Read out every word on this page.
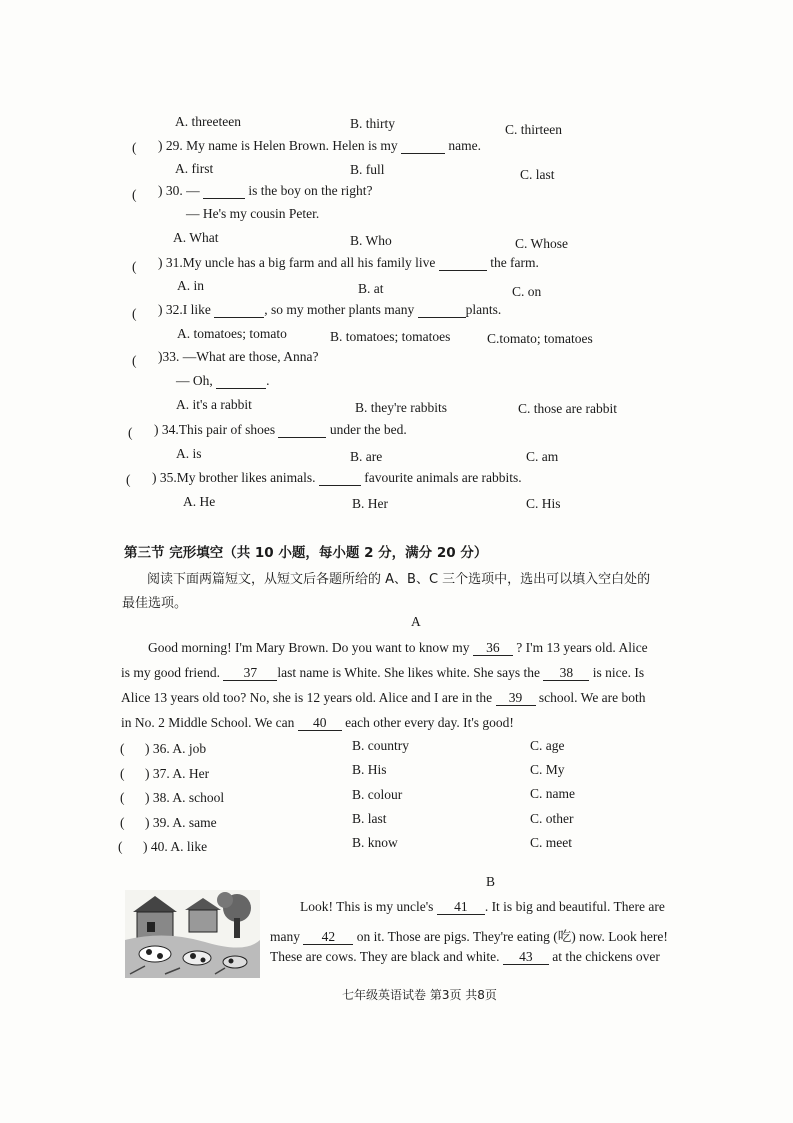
A. threeteen	B. thirty	C. thirteen
( ) 29. My name is Helen Brown. Helen is my	name.
A. first	B. full	C. last
( ) 30. —	is the boy on the right?
— He's my cousin Peter.
A. What	B. Who	C. Whose
( ) 31.My uncle has a big farm and all his family live	the farm.
A. in	B. at	C. on
( ) 32.I like	, so my mother plants many	plants.
A. tomatoes; tomato	B. tomatoes; tomatoes	C.tomato; tomatoes
( )33. —What are those, Anna?
— Oh,	.
A. it's a rabbit	B. they're rabbits	C. those are rabbit
( ) 34.This pair of shoes	under the bed.
A. is	B. are	C. am
( ) 35.My brother likes animals.	favourite animals are rabbits.
A. He	B. Her	C. His
第三节 完形填空（共 10 小题，每小题 2 分，满分 20 分）
阅读下面两篇短文，从短文后各题所给的 A、B、C 三个选项中，选出可以填入空白处的
最佳选项。
A
Good morning! I'm Mary Brown. Do you want to know my 36 ? I'm 13 years old. Alice
is my good friend. 37 last name is White. She likes white. She says the 38 is nice. Is
Alice 13 years old too? No, she is 12 years old. Alice and I are in the 39 school. We are both
in No. 2 Middle School. We can 40 each other every day. It's good!
( ) 36. A. job	B. country	C. age
( ) 37. A. Her	B. His	C. My
( ) 38. A. school	B. colour	C. name
( ) 39. A. same	B. last	C. other
( ) 40. A. like	B. know	C. meet
B
Look! This is my uncle's 41 . It is big and beautiful. There are
many 42 on it. Those are pigs. They're eating (吃) now. Look here!
These are cows. They are black and white. 43 at the chickens over
七年级英语试卷 第3页 共8页
